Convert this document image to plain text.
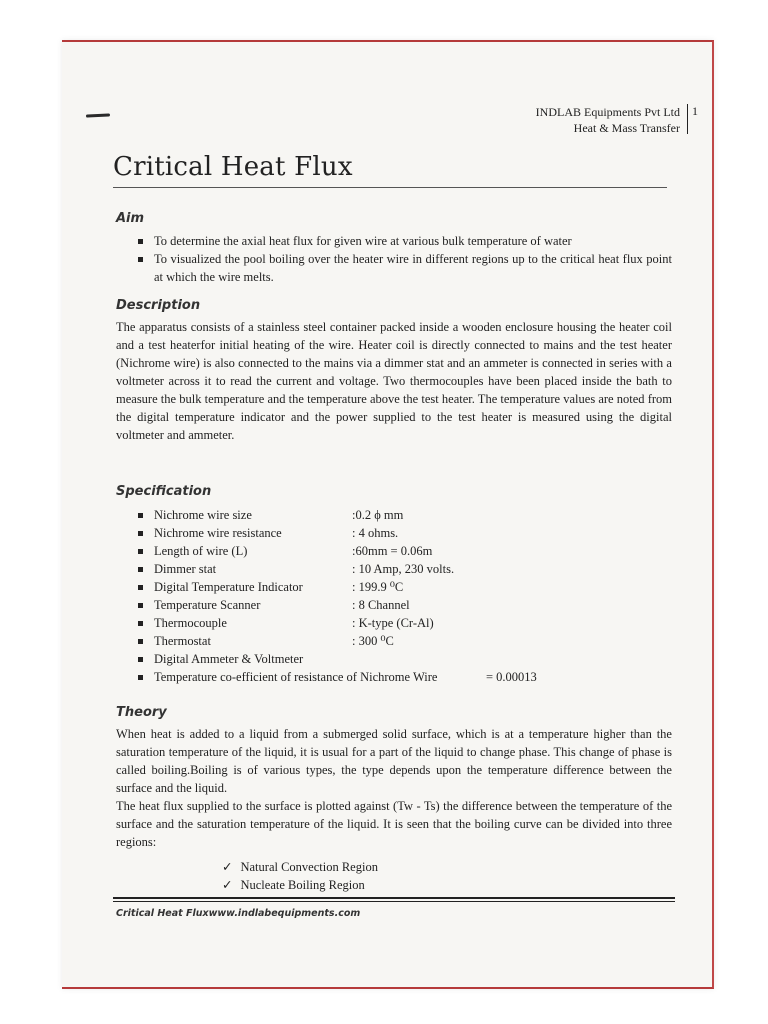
INDLAB Equipments Pvt Ltd
Heat & Mass Transfer
1
Critical Heat Flux
Aim
To determine the axial heat flux for given wire at various bulk temperature of water
To visualized the pool boiling over the heater wire in different regions up to the critical heat flux point at which the wire melts.
Description
The apparatus consists of a stainless steel container packed inside a wooden enclosure housing the heater coil and a test heaterfor initial heating of the wire. Heater coil is directly connected to mains and the test heater (Nichrome wire) is also connected to the mains via a dimmer stat and an ammeter is connected in series with a voltmeter across it to read the current and voltage. Two thermocouples have been placed inside the bath to measure the bulk temperature and the temperature above the test heater. The temperature values are noted from the digital temperature indicator and the power supplied to the test heater is measured using the digital voltmeter and ammeter.
Specification
Nichrome wire size	:0.2 ϕ mm
Nichrome wire resistance	: 4 ohms.
Length of wire (L)	:60mm = 0.06m
Dimmer stat	: 10 Amp, 230 volts.
Digital Temperature Indicator	: 199.9 ⁰C
Temperature Scanner	: 8 Channel
Thermocouple	: K-type (Cr-Al)
Thermostat	: 300 ⁰C
Digital Ammeter & Voltmeter
Temperature co-efficient of resistance of Nichrome Wire	= 0.00013
Theory
When heat is added to a liquid from a submerged solid surface, which is at a temperature higher than the saturation temperature of the liquid, it is usual for a part of the liquid to change phase. This change of phase is called boiling.Boiling is of various types, the type depends upon the temperature difference between the surface and the liquid.
The heat flux supplied to the surface is plotted against (Tw - Ts) the difference between the temperature of the surface and the saturation temperature of the liquid. It is seen that the boiling curve can be divided into three regions:
✓ Natural Convection Region
✓ Nucleate Boiling Region
Critical Heat Fluxwww.indlabequipments.com
